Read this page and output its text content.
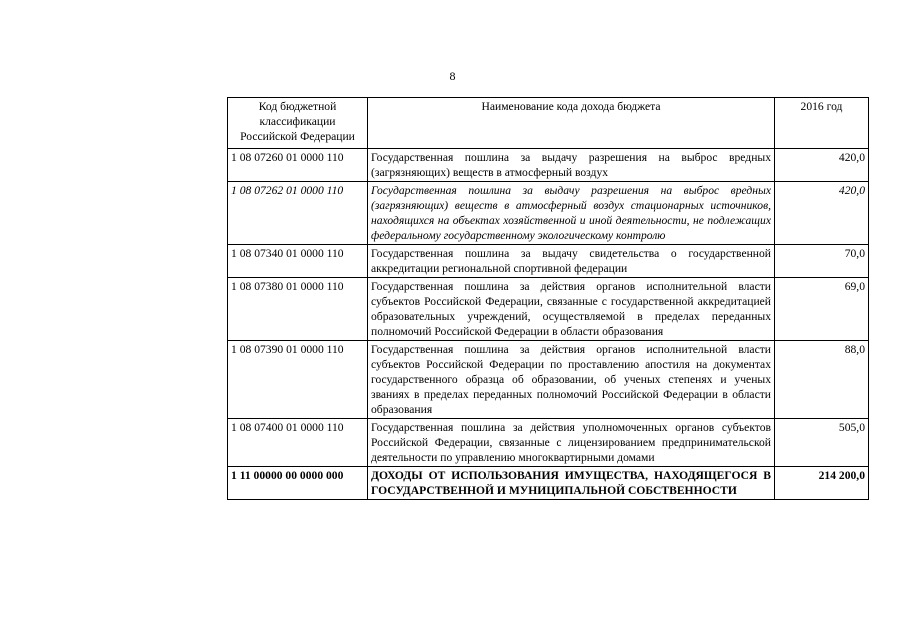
8
Код бюджетной классификации Российской Федерации	Наименование кода дохода бюджета	2016 год
1 08 07260 01 0000 110	Государственная пошлина за выдачу разрешения на выброс вредных (загрязняющих) веществ в атмосферный воздух	420,0
1 08 07262 01 0000 110	Государственная пошлина за выдачу разрешения на выброс вредных (загрязняющих) веществ в атмосферный воздух стационарных источников, находящихся на объектах хозяйственной и иной деятельности, не подлежащих федеральному государственному экологическому контролю	420,0
1 08 07340 01 0000 110	Государственная пошлина за выдачу свидетельства о государственной аккредитации региональной спортивной федерации	70,0
1 08 07380 01 0000 110	Государственная пошлина за действия органов исполнительной власти субъектов Российской Федерации, связанные с государственной аккредитацией образовательных учреждений, осуществляемой в пределах переданных полномочий Российской Федерации в области образования	69,0
1 08 07390 01 0000 110	Государственная пошлина за действия органов исполнительной власти субъектов Российской Федерации по проставлению апостиля на документах государственного образца об образовании, об ученых степенях и ученых званиях в пределах переданных полномочий Российской Федерации в области образования	88,0
1 08 07400 01 0000 110	Государственная пошлина за действия уполномоченных органов субъектов Российской Федерации, связанные с лицензированием предпринимательской деятельности по управлению многоквартирными домами	505,0
1 11 00000 00 0000 000	ДОХОДЫ ОТ ИСПОЛЬЗОВАНИЯ ИМУЩЕСТВА, НАХОДЯЩЕГОСЯ В ГОСУДАРСТВЕННОЙ И МУНИЦИПАЛЬНОЙ СОБСТВЕННОСТИ	214 200,0
